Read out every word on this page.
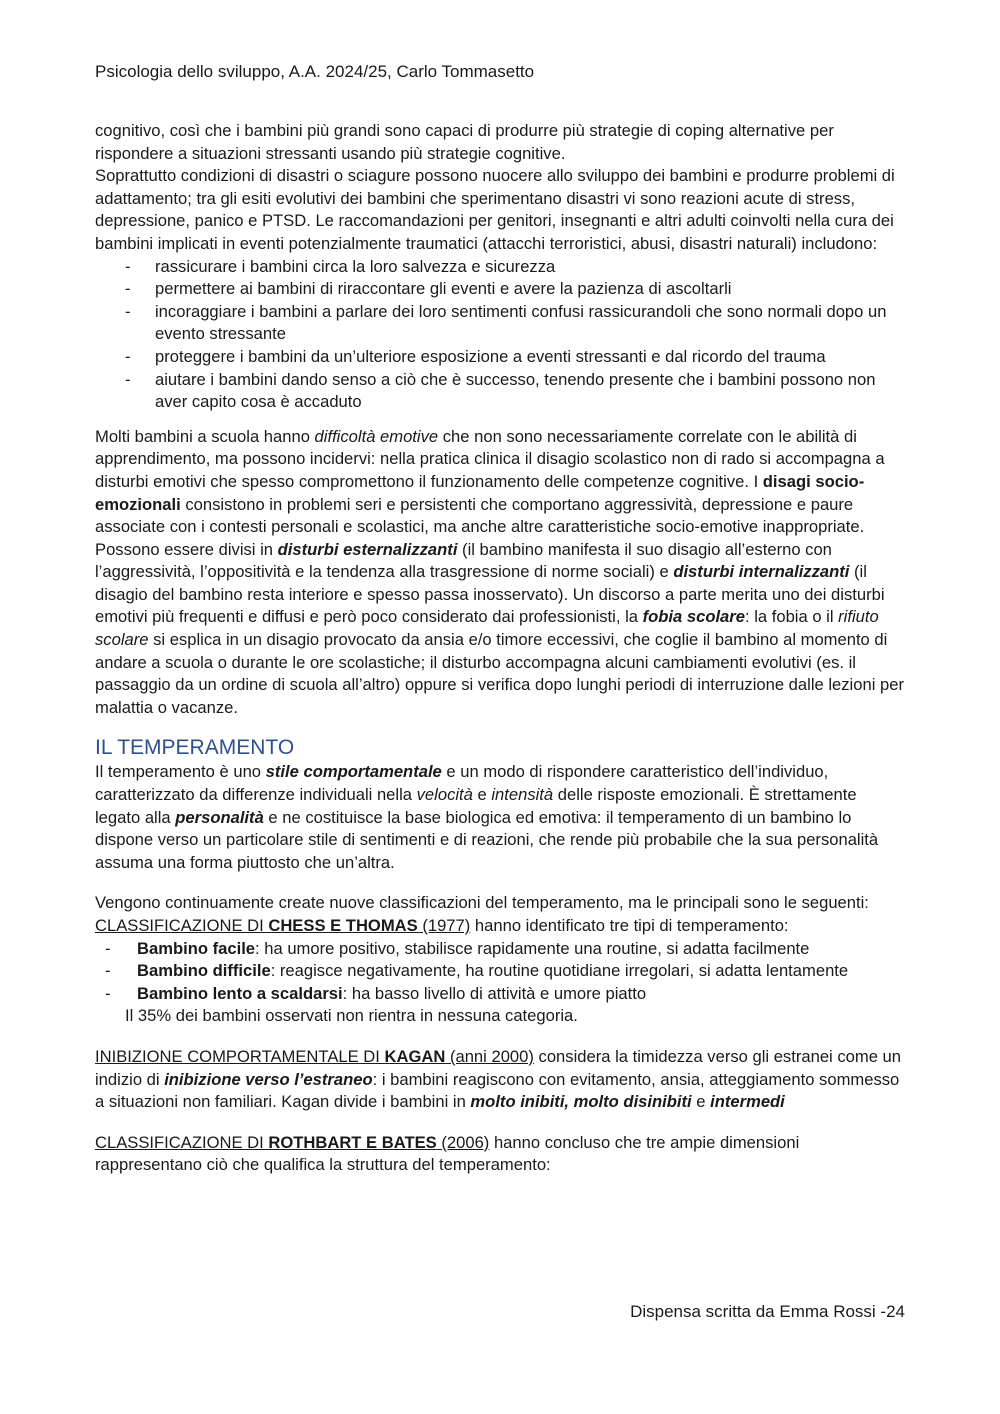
Psicologia dello sviluppo, A.A. 2024/25, Carlo Tommasetto

cognitivo, così che i bambini più grandi sono capaci di produrre più strategie di coping alternative per rispondere a situazioni stressanti usando più strategie cognitive.

Soprattutto condizioni di disastri o sciagure possono nuocere allo sviluppo dei bambini e produrre problemi di adattamento; tra gli esiti evolutivi dei bambini che sperimentano disastri vi sono reazioni acute di stress, depressione, panico e PTSD. Le raccomandazioni per genitori, insegnanti e altri adulti coinvolti nella cura dei bambini implicati in eventi potenzialmente traumatici (attacchi terroristici, abusi, disastri naturali) includono:

- rassicurare i bambini circa la loro salvezza e sicurezza
- permettere ai bambini di riraccontare gli eventi e avere la pazienza di ascoltarli
- incoraggiare i bambini a parlare dei loro sentimenti confusi rassicurandoli che sono normali dopo un evento stressante
- proteggere i bambini da un’ulteriore esposizione a eventi stressanti e dal ricordo del trauma
- aiutare i bambini dando senso a ciò che è successo, tenendo presente che i bambini possono non aver capito cosa è accaduto

Molti bambini a scuola hanno difficoltà emotive che non sono necessariamente correlate con le abilità di apprendimento, ma possono incidervi: nella pratica clinica il disagio scolastico non di rado si accompagna a disturbi emotivi che spesso compromettono il funzionamento delle competenze cognitive. I disagi socio-emozionali consistono in problemi seri e persistenti che comportano aggressività, depressione e paure associate con i contesti personali e scolastici, ma anche altre caratteristiche socio-emotive inappropriate. Possono essere divisi in disturbi esternalizzanti (il bambino manifesta il suo disagio all’esterno con l’aggressività, l’oppositività e la tendenza alla trasgressione di norme sociali) e disturbi internalizzanti (il disagio del bambino resta interiore e spesso passa inosservato). Un discorso a parte merita uno dei disturbi emotivi più frequenti e diffusi e però poco considerato dai professionisti, la fobia scolare: la fobia o il rifiuto scolare si esplica in un disagio provocato da ansia e/o timore eccessivi, che coglie il bambino al momento di andare a scuola o durante le ore scolastiche; il disturbo accompagna alcuni cambiamenti evolutivi (es. il passaggio da un ordine di scuola all’altro) oppure si verifica dopo lunghi periodi di interruzione dalle lezioni per malattia o vacanze.

IL TEMPERAMENTO

Il temperamento è uno stile comportamentale e un modo di rispondere caratteristico dell’individuo, caratterizzato da differenze individuali nella velocità e intensità delle risposte emozionali. È strettamente legato alla personalità e ne costituisce la base biologica ed emotiva: il temperamento di un bambino lo dispone verso un particolare stile di sentimenti e di reazioni, che rende più probabile che la sua personalità assuma una forma piuttosto che un’altra.

Vengono continuamente create nuove classificazioni del temperamento, ma le principali sono le seguenti:

CLASSIFICAZIONE DI CHESS E THOMAS (1977) hanno identificato tre tipi di temperamento:

- Bambino facile: ha umore positivo, stabilisce rapidamente una routine, si adatta facilmente
- Bambino difficile: reagisce negativamente, ha routine quotidiane irregolari, si adatta lentamente
- Bambino lento a scaldarsi: ha basso livello di attività e umore piatto

Il 35% dei bambini osservati non rientra in nessuna categoria.

INIBIZIONE COMPORTAMENTALE DI KAGAN (anni 2000) considera la timidezza verso gli estranei come un indizio di inibizione verso l’estraneo: i bambini reagiscono con evitamento, ansia, atteggiamento sommesso a situazioni non familiari. Kagan divide i bambini in molto inibiti, molto disinibiti e intermedi

CLASSIFICAZIONE DI ROTHBART E BATES (2006) hanno concluso che tre ampie dimensioni rappresentano ciò che qualifica la struttura del temperamento:

Dispensa scritta da Emma Rossi -24
